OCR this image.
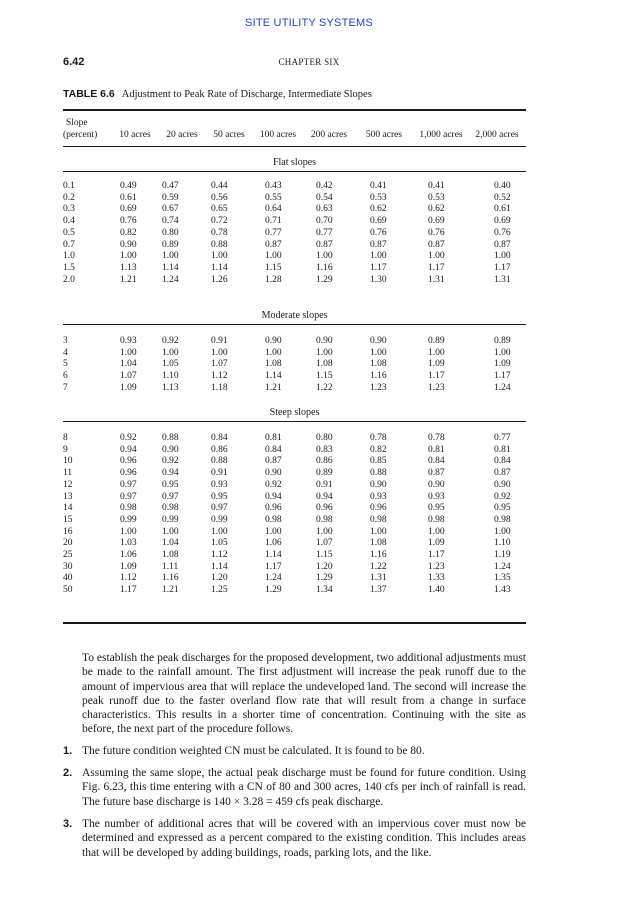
SITE UTILITY SYSTEMS
6.42	CHAPTER SIX
TABLE 6.6 Adjustment to Peak Rate of Discharge, Intermediate Slopes
Slope
(percent)	10 acres	20 acres	50 acres	100 acres	200 acres	500 acres	1,000 acres	2,000 acres
Flat slopes
0.1	0.49	0.47	0.44	0.43	0.42	0.41	0.41	0.40
0.2	0.61	0.59	0.56	0.55	0.54	0.53	0.53	0.52
0.3	0.69	0.67	0.65	0.64	0.63	0.62	0.62	0.61
0.4	0.76	0.74	0.72	0.71	0.70	0.69	0.69	0.69
0.5	0.82	0.80	0.78	0.77	0.77	0.76	0.76	0.76
0.7	0.90	0.89	0.88	0.87	0.87	0.87	0.87	0.87
1.0	1.00	1.00	1.00	1.00	1.00	1.00	1.00	1.00
1.5	1.13	1.14	1.14	1.15	1.16	1.17	1.17	1.17
2.0	1.21	1.24	1.26	1.28	1.29	1.30	1.31	1.31
Moderate slopes
3	0.93	0.92	0.91	0.90	0.90	0.90	0.89	0.89
4	1.00	1.00	1.00	1.00	1.00	1.00	1.00	1.00
5	1.04	1.05	1.07	1.08	1.08	1.08	1.09	1.09
6	1.07	1.10	1.12	1.14	1.15	1.16	1.17	1.17
7	1.09	1.13	1.18	1.21	1.22	1.23	1.23	1.24
Steep slopes
8	0.92	0.88	0.84	0.81	0.80	0.78	0.78	0.77
9	0.94	0.90	0.86	0.84	0.83	0.82	0.81	0.81
10	0.96	0.92	0.88	0.87	0.86	0.85	0.84	0.84
11	0.96	0.94	0.91	0.90	0.89	0.88	0.87	0.87
12	0.97	0.95	0.93	0.92	0.91	0.90	0.90	0.90
13	0.97	0.97	0.95	0.94	0.94	0.93	0.93	0.92
14	0.98	0.98	0.97	0.96	0.96	0.96	0.95	0.95
15	0.99	0.99	0.99	0.98	0.98	0.98	0.98	0.98
16	1.00	1.00	1.00	1.00	1.00	1.00	1.00	1.00
20	1.03	1.04	1.05	1.06	1.07	1.08	1.09	1.10
25	1.06	1.08	1.12	1.14	1.15	1.16	1.17	1.19
30	1.09	1.11	1.14	1.17	1.20	1.22	1.23	1.24
40	1.12	1.16	1.20	1.24	1.29	1.31	1.33	1.35
50	1.17	1.21	1.25	1.29	1.34	1.37	1.40	1.43
To establish the peak discharges for the proposed development, two additional adjustments must be made to the rainfall amount. The first adjustment will increase the peak runoff due to the amount of impervious area that will replace the undeveloped land. The second will increase the peak runoff due to the faster overland flow rate that will result from a change in surface characteristics. This results in a shorter time of concentration. Continuing with the site as before, the next part of the procedure follows.
1. The future condition weighted CN must be calculated. It is found to be 80.
2. Assuming the same slope, the actual peak discharge must be found for future condition. Using Fig. 6.23, this time entering with a CN of 80 and 300 acres, 140 cfs per inch of rainfall is read. The future base discharge is 140 × 3.28 = 459 cfs peak discharge.
3. The number of additional acres that will be covered with an impervious cover must now be determined and expressed as a percent compared to the existing condition. This includes areas that will be developed by adding buildings, roads, parking lots, and the like.
